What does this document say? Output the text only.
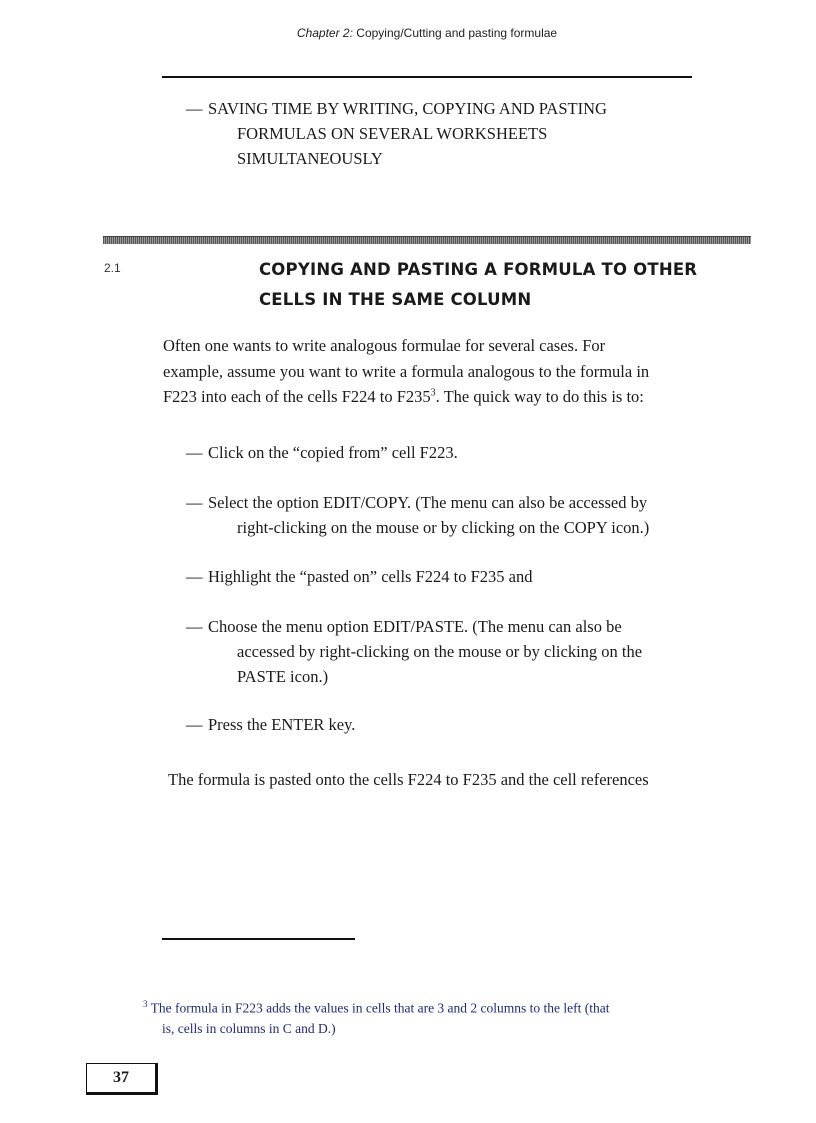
Chapter 2: Copying/Cutting and pasting formulae
— SAVING TIME BY WRITING, COPYING AND PASTING
FORMULAS ON SEVERAL WORKSHEETS
SIMULTANEOUSLY
2.1	COPYING AND PASTING A FORMULA TO OTHER
CELLS IN THE SAME COLUMN
Often one wants to write analogous formulae for several cases. For
example, assume you want to write a formula analogous to the formula in
F223 into each of the cells F224 to F235$^3$. The quick way to do this is to:
— Click on the “copied from” cell F223.
— Select the option EDIT/COPY. (The menu can also be accessed by
right-clicking on the mouse or by clicking on the COPY icon.)
— Highlight the “pasted on” cells F224 to F235 and
— Choose the menu option EDIT/PASTE. (The menu can also be
accessed by right-clicking on the mouse or by clicking on the
PASTE icon.)
— Press the ENTER key.
The formula is pasted onto the cells F224 to F235 and the cell references
$^3$ The formula in F223 adds the values in cells that are 3 and 2 columns to the left (that
is, cells in columns in C and D.)
37
